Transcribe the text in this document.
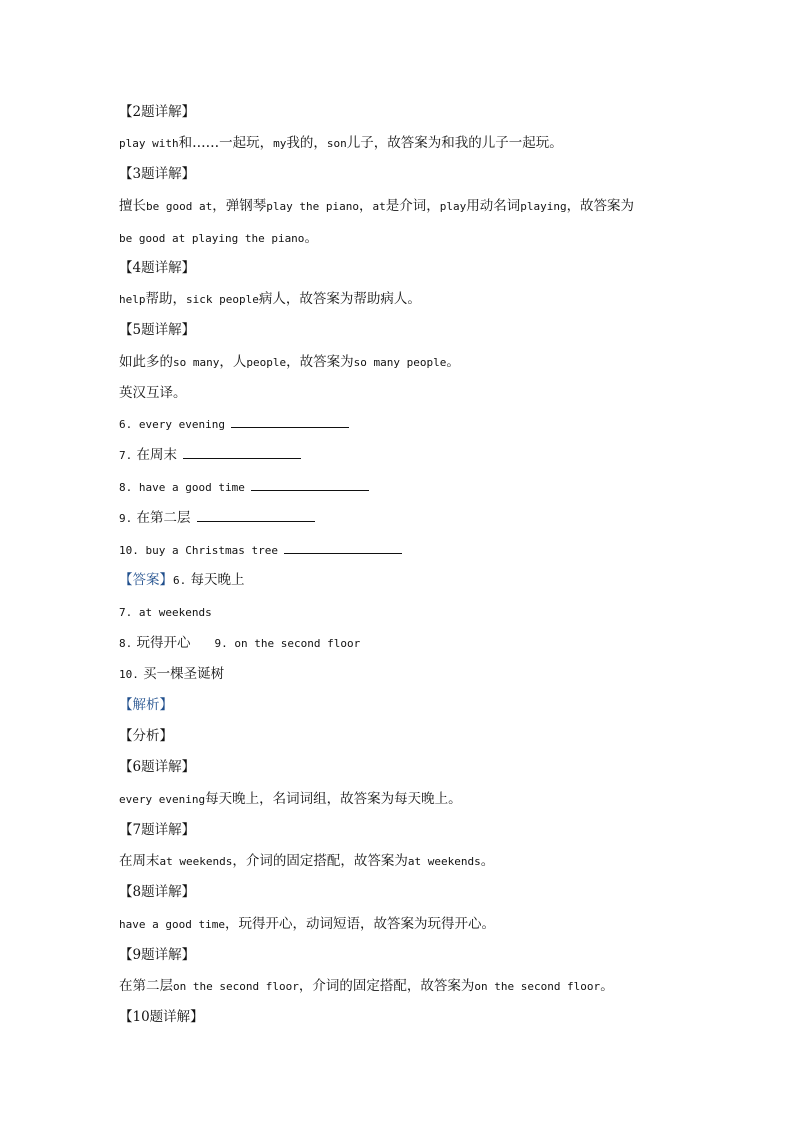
【2题详解】
play with和……一起玩，my我的，son儿子，故答案为和我的儿子一起玩。
【3题详解】
擅长be good at，弹钢琴play the piano，at是介词，play用动名词playing，故答案为
be good at playing the piano。
【4题详解】
help帮助，sick people病人，故答案为帮助病人。
【5题详解】
如此多的so many，人people，故答案为so many people。
英汉互译。
6. every evening
7. 在周末
8. have a good time
9. 在第二层
10. buy a Christmas tree
【答案】6. 每天晚上
7. at weekends
8. 玩得开心 9. on the second floor
10. 买一棵圣诞树
【解析】
【分析】
【6题详解】
every evening每天晚上，名词词组，故答案为每天晚上。
【7题详解】
在周末at weekends，介词的固定搭配，故答案为at weekends。
【8题详解】
have a good time，玩得开心，动词短语，故答案为玩得开心。
【9题详解】
在第二层on the second floor，介词的固定搭配，故答案为on the second floor。
【10题详解】
